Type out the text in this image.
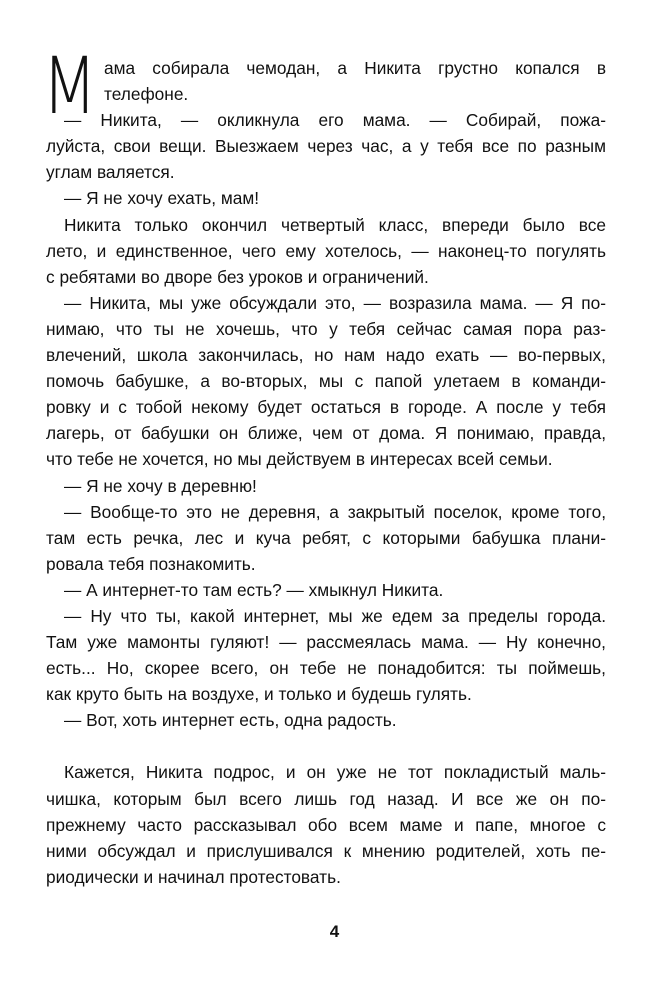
М ама собирала чемодан, а Никита грустно копался в
телефоне.
— Никита, — окликнула его мама. — Собирай, пожа-
луйста, свои вещи. Выезжаем через час, а у тебя все по разным
углам валяется.
— Я не хочу ехать, мам!
Никита только окончил четвертый класс, впереди было все
лето, и единственное, чего ему хотелось, — наконец-то погулять
с ребятами во дворе без уроков и ограничений.
— Никита, мы уже обсуждали это, — возразила мама. — Я по-
нимаю, что ты не хочешь, что у тебя сейчас самая пора раз-
влечений, школа закончилась, но нам надо ехать — во-первых,
помочь бабушке, а во-вторых, мы с папой улетаем в команди-
ровку и с тобой некому будет остаться в городе. А после у тебя
лагерь, от бабушки он ближе, чем от дома. Я понимаю, правда,
что тебе не хочется, но мы действуем в интересах всей семьи.
— Я не хочу в деревню!
— Вообще-то это не деревня, а закрытый поселок, кроме того,
там есть речка, лес и куча ребят, с которыми бабушка плани-
ровала тебя познакомить.
— А интернет-то там есть? — хмыкнул Никита.
— Ну что ты, какой интернет, мы же едем за пределы города.
Там уже мамонты гуляют! — рассмеялась мама. — Ну конечно,
есть... Но, скорее всего, он тебе не понадобится: ты поймешь,
как круто быть на воздухе, и только и будешь гулять.
— Вот, хоть интернет есть, одна радость.
Кажется, Никита подрос, и он уже не тот покладистый маль-
чишка, которым был всего лишь год назад. И все же он по-
прежнему часто рассказывал обо всем маме и папе, многое с
ними обсуждал и прислушивался к мнению родителей, хоть пе-
риодически и начинал протестовать.
4
